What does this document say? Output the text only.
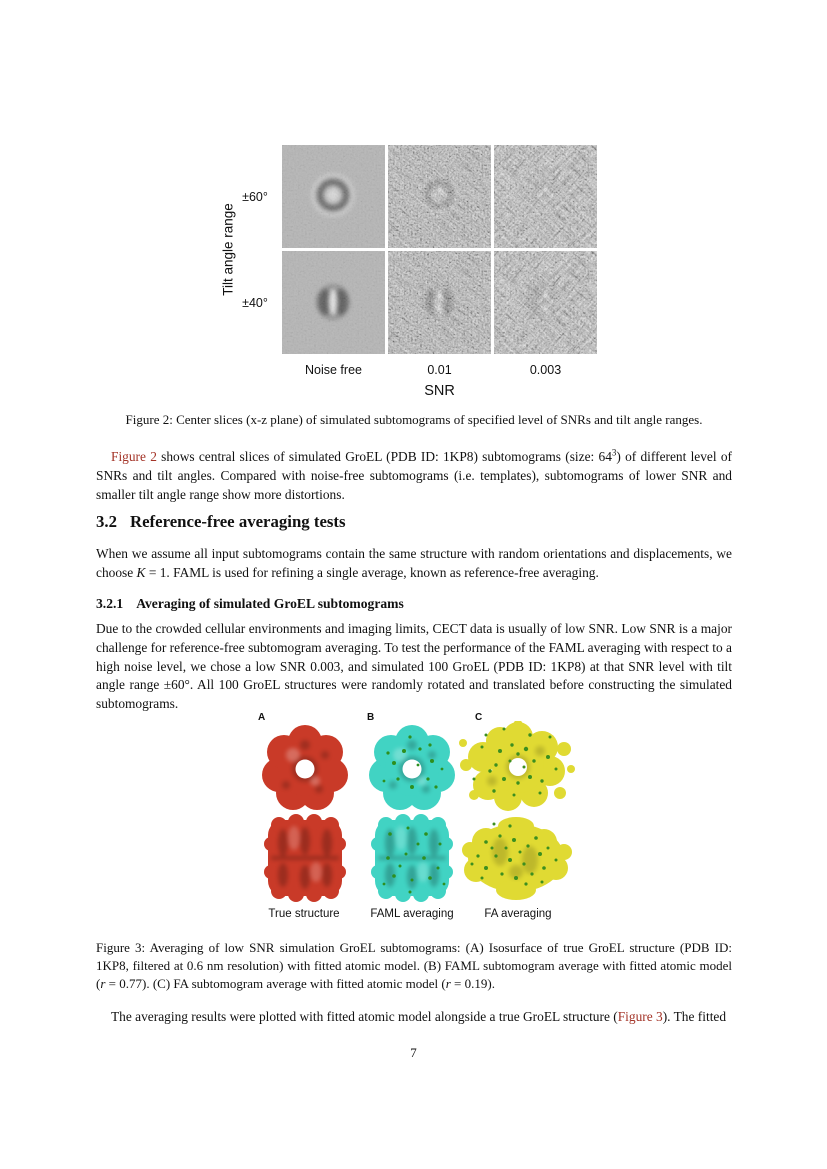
Tilt angle range
±60°
±40°
Noise free	0.01	0.003
SNR

Figure 2: Center slices (x-z plane) of simulated subtomograms of specified level of SNRs and tilt angle ranges.

Figure 2 shows central slices of simulated GroEL (PDB ID: 1KP8) subtomograms (size: $64^3$) of different level of SNRs and tilt angles. Compared with noise-free subtomograms (i.e. templates), subtomograms of lower SNR and smaller tilt angle range show more distortions.

3.2 Reference-free averaging tests

When we assume all input subtomograms contain the same structure with random orientations and displacements, we choose K = 1. FAML is used for refining a single average, known as reference-free averaging.

3.2.1 Averaging of simulated GroEL subtomograms

Due to the crowded cellular environments and imaging limits, CECT data is usually of low SNR. Low SNR is a major challenge for reference-free subtomogram averaging. To test the performance of the FAML averaging with respect to a high noise level, we chose a low SNR 0.003, and simulated 100 GroEL (PDB ID: 1KP8) at that SNR level with tilt angle range ±60°. All 100 GroEL structures were randomly rotated and translated before constructing the simulated subtomograms.

A	B	C
True structure	FAML averaging	FA averaging

Figure 3: Averaging of low SNR simulation GroEL subtomograms: (A) Isosurface of true GroEL structure (PDB ID: 1KP8, filtered at 0.6 nm resolution) with fitted atomic model. (B) FAML subtomogram average with fitted atomic model (r = 0.77). (C) FA subtomogram average with fitted atomic model (r = 0.19).

The averaging results were plotted with fitted atomic model alongside a true GroEL structure (Figure 3). The fitted

7
